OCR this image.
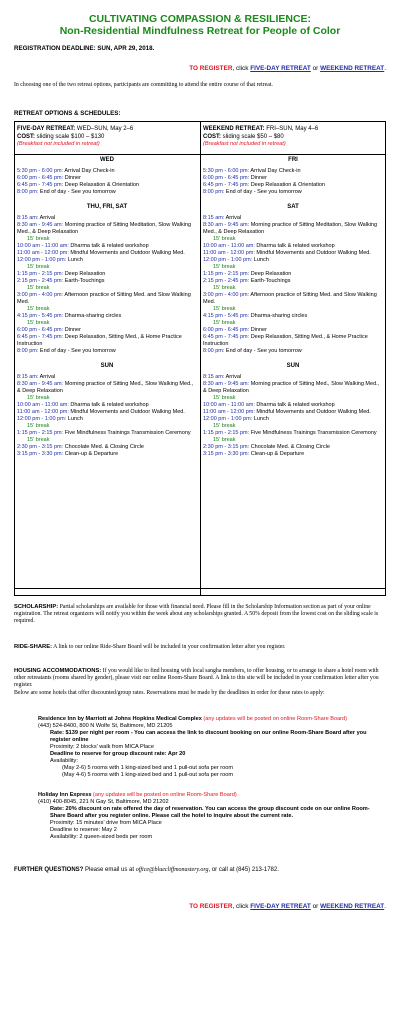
CULTIVATING COMPASSION & RESILIENCE:
Non-Residential Mindfulness Retreat for People of Color
REGISTRATION DEADLINE: SUN, APR 29, 2018.
TO REGISTER, click FIVE-DAY RETREAT or WEEKEND RETREAT.
In choosing one of the two retreat options, participants are committing to attend the entire course of that retreat.
RETREAT OPTIONS & SCHEDULES:
FIVE-DAY RETREAT: WED–SUN, May 2–6
COST: sliding scale $100 – $130
(Breakfast not included in retreat)
WED
5:30 pm - 6:00 pm: Arrival Day Check-in
6:00 pm - 6:45 pm: Dinner
6:45 pm - 7:45 pm: Deep Relaxation & Orientation
8:00 pm: End of day - See you tomorrow
THU, FRI, SAT
8:15 am: Arrival
8:30 am - 9:45 am: Morning practice of Sitting Meditation, Slow Walking Med., & Deep Relaxation
15' break
10:00 am - 11:00 am: Dharma talk & related workshop
11:00 am - 12:00 pm: Mindful Movements and Outdoor Walking Med.
12:00 pm - 1:00 pm: Lunch
15' break
1:15 pm - 2:15 pm: Deep Relaxation
2:15 pm - 2:45 pm: Earth-Touchings
15' break
3:00 pm - 4:00 pm: Afternoon practice of Sitting Med. and Slow Walking Med.
15' break
4:15 pm - 5:45 pm: Dharma-sharing circles
15' break
6:00 pm - 6:45 pm: Dinner
6:45 pm - 7:45 pm: Deep Relaxation, Sitting Med., & Home Practice Instruction
8:00 pm: End of day - See you tomorrow
SUN
8:15 am: Arrival
8:30 am - 9:45 am: Morning practice of Sitting Med., Slow Walking Med., & Deep Relaxation
15' break
10:00 am - 11:00 am: Dharma talk & related workshop
11:00 am - 12:00 pm: Mindful Movements and Outdoor Walking Med.
12:00 pm - 1:00 pm: Lunch
15' break
1:15 pm - 2:15 pm: Five Mindfulness Trainings Transmission Ceremony
15' break
2:30 pm - 3:15 pm: Chocolate Med. & Closing Circle
3:15 pm - 3:30 pm: Clean-up & Departure
WEEKEND RETREAT: FRI–SUN, May 4–6
COST: sliding scale $50 – $80
(Breakfast not included in retreat)
FRI
5:30 pm - 6:00 pm: Arrival Day Check-in
6:00 pm - 6:45 pm: Dinner
6:45 pm - 7:45 pm: Deep Relaxation & Orientation
8:00 pm: End of day - See you tomorrow
SAT
8:15 am: Arrival
8:30 am - 9:45 am: Morning practice of Sitting Meditation, Slow Walking Med., & Deep Relaxation
15' break
10:00 am - 11:00 am: Dharma talk & related workshop
11:00 am - 12:00 pm: Mindful Movements and Outdoor Walking Med.
12:00 pm - 1:00 pm: Lunch
15' break
1:15 pm - 2:15 pm: Deep Relaxation
2:15 pm - 2:45 pm: Earth-Touchings
15' break
3:00 pm - 4:00 pm: Afternoon practice of Sitting Med. and Slow Walking Med.
15' break
4:15 pm - 5:45 pm: Dharma-sharing circles
15' break
6:00 pm - 6:45 pm: Dinner
6:45 pm - 7:45 pm: Deep Relaxation, Sitting Med., & Home Practice Instruction
8:00 pm: End of day - See you tomorrow
SUN
8:15 am: Arrival
8:30 am - 9:45 am: Morning practice of Sitting Med., Slow Walking Med., & Deep Relaxation
15' break
10:00 am - 11:00 am: Dharma talk & related workshop
11:00 am - 12:00 pm: Mindful Movements and Outdoor Walking Med.
12:00 pm - 1:00 pm: Lunch
15' break
1:15 pm - 2:15 pm: Five Mindfulness Trainings Transmission Ceremony
15' break
2:30 pm - 3:15 pm: Chocolate Med. & Closing Circle
3:15 pm - 3:30 pm: Clean-up & Departure
SCHOLARSHIP: Partial scholarships are available for those with financial need. Please fill in the Scholarship Information section as part of your online registration. The retreat organizers will notify you within the week about any scholarships granted. A 50% deposit from the lowest cost on the sliding scale is required.
RIDE-SHARE: A link to our online Ride-Share Board will be included in your confirmation letter after you register.
HOUSING ACCOMMODATIONS: If you would like to find housing with local sangha members, to offer housing, or to arrange to share a hotel room with other retreatants (rooms shared by gender), please visit our online Room-Share Board. A link to this site will be included in your confirmation letter after you register.
Below are some hotels that offer discounted/group rates. Reservations must be made by the deadlines in order for these rates to apply:
Residence Inn by Marriott at Johns Hopkins Medical Complex (any updates will be posted on online Room-Share Board)
(443) 524-8400, 800 N Wolfe St, Baltimore, MD 21205
Rate: $139 per night per room - You can access the link to discount booking on our online Room-Share Board after you register online
Proximity: 2 blocks' walk from MICA Place
Deadline to reserve for group discount rate: Apr 20
Availability:
(May 2-6) 5 rooms with 1 king-sized bed and 1 pull-out sofa per room
(May 4-6) 5 rooms with 1 king-sized bed and 1 pull-out sofa per room
Holiday Inn Express (any updates will be posted on online Room-Share Board)
(410) 400-8045, 221 N Gay St, Baltimore, MD 21202
Rate: 20% discount on rate offered the day of reservation. You can access the group discount code on our online Room-Share Board after you register online. Please call the hotel to inquire about the current rate.
Proximity: 15 minutes' drive from MICA Place
Deadline to reserve: May 2
Availability: 2 queen-sized beds per room
FURTHER QUESTIONS? Please email us at office@bluecliffmonastery.org, or call at (845) 213-1782.
TO REGISTER, click FIVE-DAY RETREAT or WEEKEND RETREAT.
